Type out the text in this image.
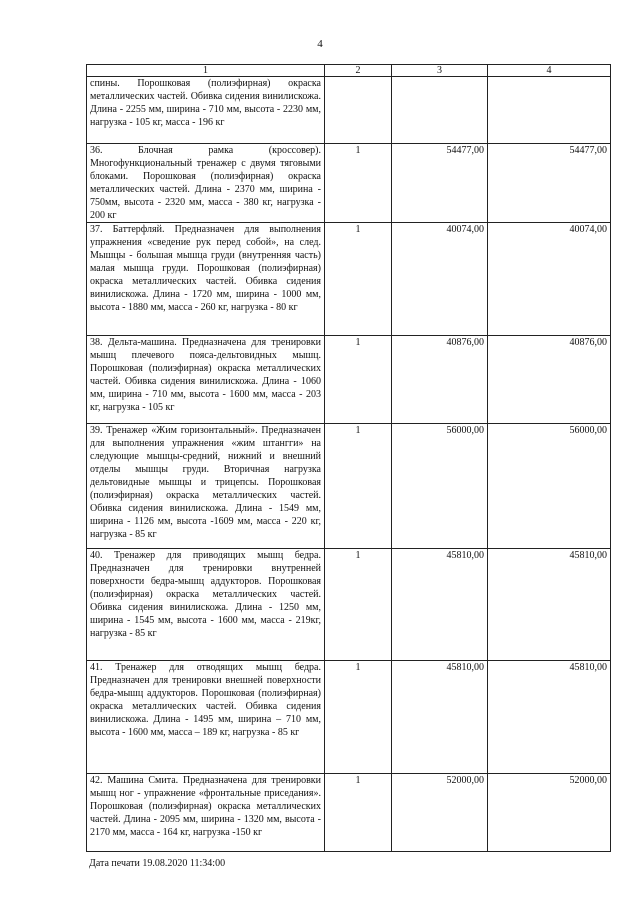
4
1	2	3	4
спины. Порошковая (полиэфирная) окраска металлических частей. Обивка сидения винилискожа. Длина - 2255 мм, ширина - 710 мм, высота - 2230 мм, нагрузка - 105 кг, масса - 196 кг			
36. Блочная рамка (кроссовер). Многофункциональный тренажер с двумя тяговыми блоками. Порошковая (полиэфирная) окраска металлических частей. Длина - 2370 мм, ширина - 750мм, высота - 2320 мм, масса - 380 кг, нагрузка - 200 кг	1	54477,00	54477,00
37. Баттерфляй. Предназначен для выполнения упражнения «сведение рук перед собой», на след. Мышцы - большая мышца груди (внутренняя часть) малая мышца груди. Порошковая (полиэфирная) окраска металлических частей. Обивка сидения винилискожа. Длина - 1720 мм, ширина - 1000 мм, высота - 1880 мм, масса - 260 кг, нагрузка - 80 кг	1	40074,00	40074,00
38. Дельта-машина. Предназначена для тренировки мышц плечевого пояса-дельтовидных мышц. Порошковая (полиэфирная) окраска металлических частей. Обивка сидения винилискожа. Длина - 1060 мм, ширина - 710 мм, высота - 1600 мм, масса - 203 кг, нагрузка - 105 кг	1	40876,00	40876,00
39. Тренажер «Жим горизонтальный». Предназначен для выполнения упражнения «жим штангги» на следующие мышцы-средний, нижний и внешний отделы мышцы груди. Вторичная нагрузка дельтовидные мышцы и трицепсы. Порошковая (полиэфирная) окраска металлических частей. Обивка сидения винилискожа. Длина - 1549 мм, ширина - 1126 мм, высота -1609 мм, масса - 220 кг, нагрузка - 85 кг	1	56000,00	56000,00
40. Тренажер для приводящих мышц бедра. Предназначен для тренировки внутренней поверхности бедра-мышц аддукторов. Порошковая (полиэфирная) окраска металлических частей. Обивка сидения винилискожа. Длина - 1250 мм, ширина - 1545 мм, высота - 1600 мм, масса - 219кг, нагрузка - 85 кг	1	45810,00	45810,00
41. Тренажер для отводящих мышц бедра. Предназначен для тренировки внешней поверхности бедра-мышц аддукторов. Порошковая (полиэфирная) окраска металлических частей. Обивка сидения винилискожа. Длина - 1495 мм, ширина – 710 мм, высота - 1600 мм, масса – 189 кг, нагрузка - 85 кг	1	45810,00	45810,00
42. Машина Смита. Предназначена для тренировки мышц ног - упражнение «фронтальные приседания». Порошковая (полиэфирная) окраска металлических частей. Длина - 2095 мм, ширина - 1320 мм, высота - 2170 мм, масса - 164 кг, нагрузка -150 кг	1	52000,00	52000,00
Дата печати 19.08.2020 11:34:00
